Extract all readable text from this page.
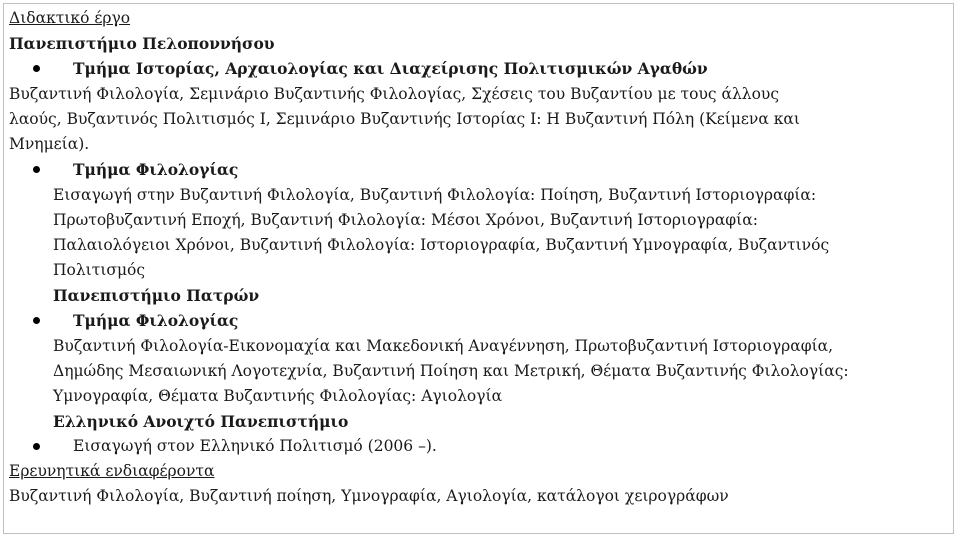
Διδακτικό έργο
Πανεπιστήμιο Πελοποννήσου
Τμήμα Ιστορίας, Αρχαιολογίας και Διαχείρισης Πολιτισμικών Αγαθών
Βυζαντινή Φιλολογία, Σεμινάριο Βυζαντινής Φιλολογίας, Σχέσεις του Βυζαντίου με τους άλλους
λαούς, Βυζαντινός Πολιτισμός Ι, Σεμινάριο Βυζαντινής Ιστορίας Ι: Η Βυζαντινή Πόλη (Κείμενα και
Μνημεία).
Τμήμα Φιλολογίας
Εισαγωγή στην Βυζαντινή Φιλολογία, Βυζαντινή Φιλολογία: Ποίηση, Βυζαντινή Ιστοριογραφία:
Πρωτοβυζαντινή Εποχή, Βυζαντινή Φιλολογία: Μέσοι Χρόνοι, Βυζαντινή Ιστοριογραφία:
Παλαιολόγειοι Χρόνοι, Βυζαντινή Φιλολογία: Ιστοριογραφία, Βυζαντινή Υμνογραφία, Βυζαντινός
Πολιτισμός
Πανεπιστήμιο Πατρών
Τμήμα Φιλολογίας
Βυζαντινή Φιλολογία-Εικονομαχία και Μακεδονική Αναγέννηση, Πρωτοβυζαντινή Ιστοριογραφία,
Δημώδης Μεσαιωνική Λογοτεχνία, Βυζαντινή Ποίηση και Μετρική, Θέματα Βυζαντινής Φιλολογίας:
Υμνογραφία, Θέματα Βυζαντινής Φιλολογίας: Αγιολογία
Ελληνικό Ανοιχτό Πανεπιστήμιο
Εισαγωγή στον Ελληνικό Πολιτισμό (2006 –).
Ερευνητικά ενδιαφέροντα
Βυζαντινή Φιλολογία, Βυζαντινή ποίηση, Υμνογραφία, Αγιολογία, κατάλογοι χειρογράφων
